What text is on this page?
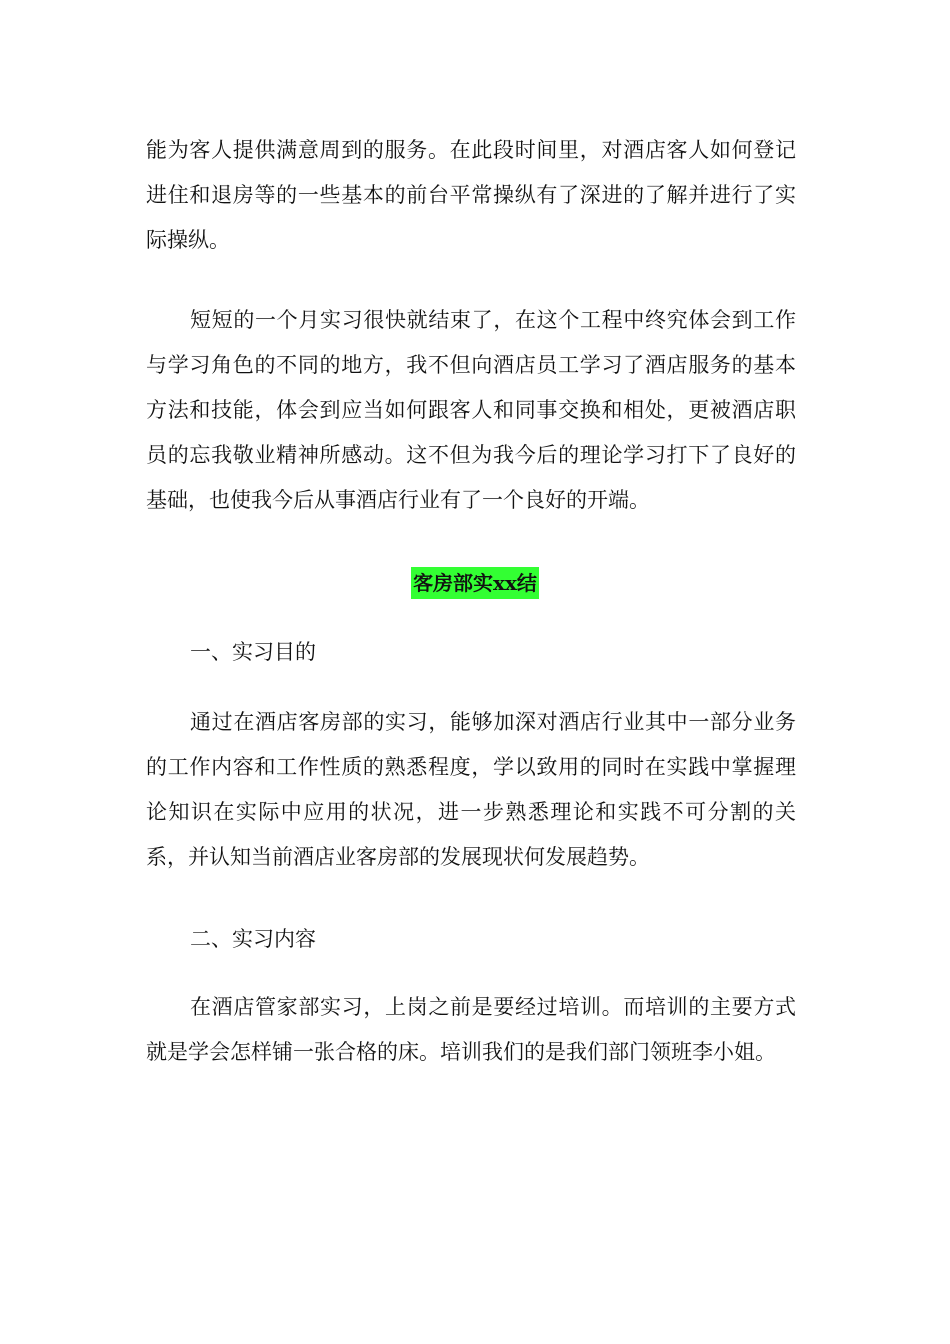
能为客人提供满意周到的服务。在此段时间里，对酒店客人如何登记进住和退房等的一些基本的前台平常操纵有了深进的了解并进行了实际操纵。

短短的一个月实习很快就结束了，在这个工程中终究体会到工作与学习角色的不同的地方，我不但向酒店员工学习了酒店服务的基本方法和技能，体会到应当如何跟客人和同事交换和相处，更被酒店职员的忘我敬业精神所感动。这不但为我今后的理论学习打下了良好的基础，也使我今后从事酒店行业有了一个良好的开端。

客房部实xx结

一、实习目的

通过在酒店客房部的实习，能够加深对酒店行业其中一部分业务的工作内容和工作性质的熟悉程度，学以致用的同时在实践中掌握理论知识在实际中应用的状况，进一步熟悉理论和实践不可分割的关系，并认知当前酒店业客房部的发展现状何发展趋势。

二、实习内容

在酒店管家部实习，上岗之前是要经过培训。而培训的主要方式就是学会怎样铺一张合格的床。培训我们的是我们部门领班李小姐。
